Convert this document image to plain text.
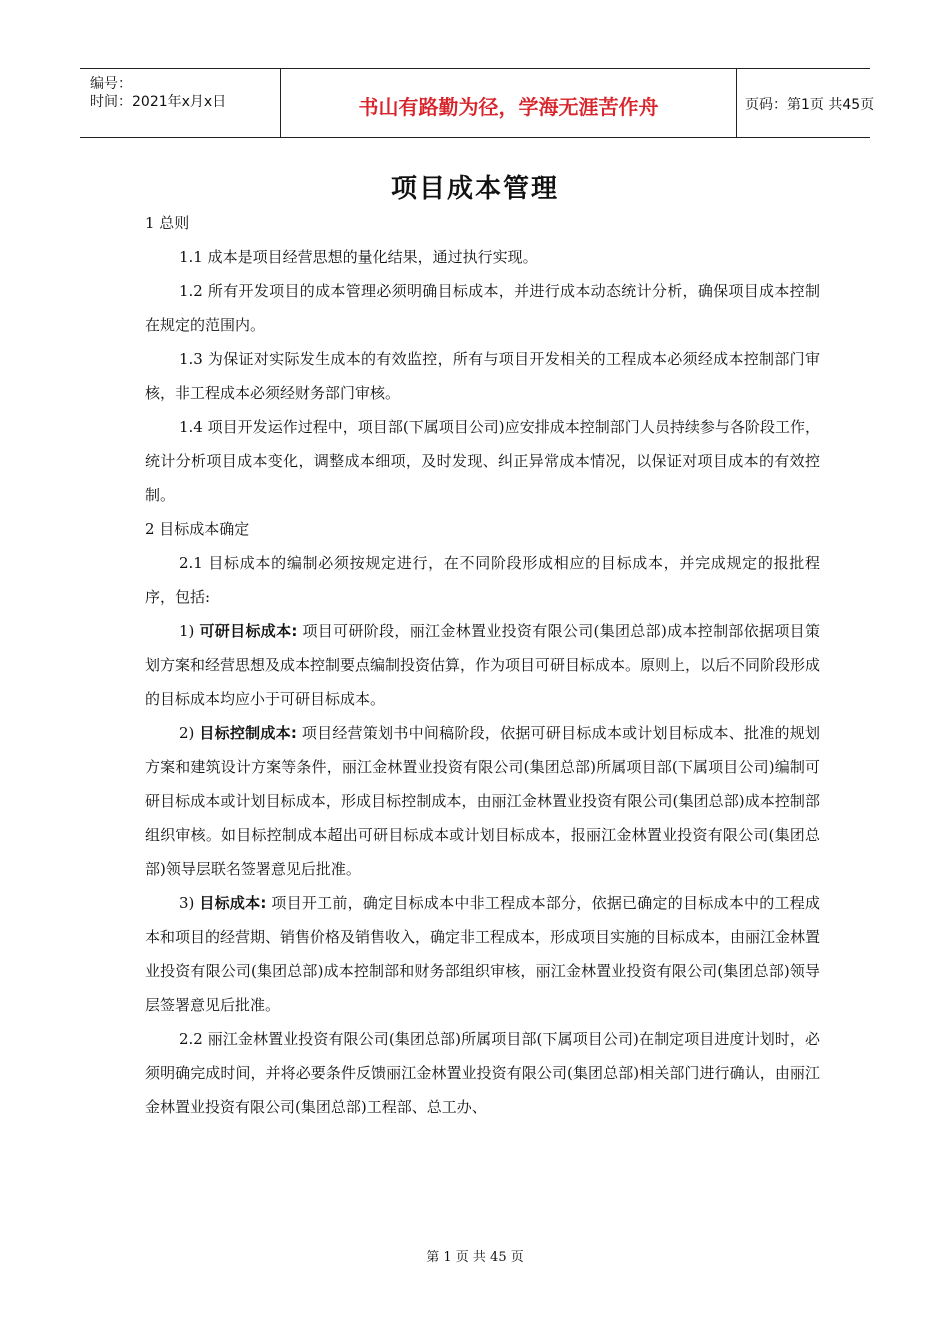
编号：
时间：2021年x月x日	书山有路勤为径，学海无涯苦作舟	页码：第1页 共45页
项目成本管理

1 总则

1.1 成本是项目经营思想的量化结果，通过执行实现。

1.2 所有开发项目的成本管理必须明确目标成本，并进行成本动态统计分析，确保项目成本控制在规定的范围内。

1.3 为保证对实际发生成本的有效监控，所有与项目开发相关的工程成本必须经成本控制部门审核，非工程成本必须经财务部门审核。

1.4 项目开发运作过程中，项目部(下属项目公司)应安排成本控制部门人员持续参与各阶段工作，统计分析项目成本变化，调整成本细项，及时发现、纠正异常成本情况，以保证对项目成本的有效控制。

2 目标成本确定

2.1 目标成本的编制必须按规定进行，在不同阶段形成相应的目标成本，并完成规定的报批程序，包括:

1) 可研目标成本: 项目可研阶段，丽江金林置业投资有限公司(集团总部)成本控制部依据项目策划方案和经营思想及成本控制要点编制投资估算，作为项目可研目标成本。原则上，以后不同阶段形成的目标成本均应小于可研目标成本。

2) 目标控制成本: 项目经营策划书中间稿阶段，依据可研目标成本或计划目标成本、批准的规划方案和建筑设计方案等条件，丽江金林置业投资有限公司(集团总部)所属项目部(下属项目公司)编制可研目标成本或计划目标成本，形成目标控制成本，由丽江金林置业投资有限公司(集团总部)成本控制部组织审核。如目标控制成本超出可研目标成本或计划目标成本，报丽江金林置业投资有限公司(集团总部)领导层联名签署意见后批准。

3) 目标成本: 项目开工前，确定目标成本中非工程成本部分，依据已确定的目标成本中的工程成本和项目的经营期、销售价格及销售收入，确定非工程成本，形成项目实施的目标成本，由丽江金林置业投资有限公司(集团总部)成本控制部和财务部组织审核，丽江金林置业投资有限公司(集团总部)领导层签署意见后批准。

2.2 丽江金林置业投资有限公司(集团总部)所属项目部(下属项目公司)在制定项目进度计划时，必须明确完成时间，并将必要条件反馈丽江金林置业投资有限公司(集团总部)相关部门进行确认，由丽江金林置业投资有限公司(集团总部)工程部、总工办、

第 1 页 共 45 页
